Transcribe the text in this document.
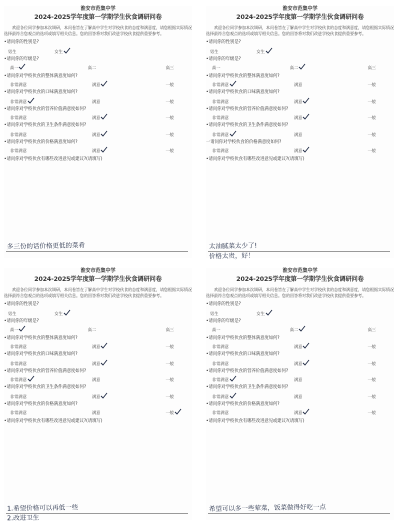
淮安市范集中学
2024-2025学年度第一学期学生伙食调研问卷
欢迎各位同学参加本次调研，本问卷旨在了解高中学生对学校伙食的态度和满意度，请您根据实际情况选择最符合您观点的选项或填写相关信息。您的回答将对我们改进学校伙食提供重要参考。
•请问你的性别是?
男生	女生
•请问你的年级是?
高一	高二	高三
•请问你对学校伙食的整体满意度如何?
非常满意	满意	一般
•请问你对学校伙食的口味满意度如何?
非常满意	满意	一般
•请问你对学校伙食的营养价值满意度如何?
非常满意	满意	一般
•请问你对学校伙食的卫生条件满意度如何?
非常满意	满意	一般
•请问你对学校伙食的价格满意度如何?
非常满意	满意	一般
•请问你对学校伙食有哪些改进意见或建议?(请填写)
多三份的话价格更低的菜肴
淮安市范集中学
2024-2025学年度第一学期学生伙食调研问卷
欢迎各位同学参加本次调研，本问卷旨在了解高中学生对学校伙食的态度和满意度，请您根据实际情况选择最符合您观点的选项或填写相关信息。您的回答将对我们改进学校伙食提供重要参考。
•请问你的性别是?
男生	女生
•请问你的年级是?
高一	高二	高三
•请问你对学校伙食的整体满意度如何?
非常满意	满意	一般
•请问你对学校伙食的口味满意度如何?
非常满意	满意	一般
•请问你对学校伙食的营养价值满意度如何?
非常满意	满意	一般
•请问你对学校伙食的卫生条件满意度如何?
非常满意	满意	一般
一请问你对学校伙食的价格满意度如何?
非常满意	满意	一般
•请问你对学校伙食有哪些改进意见或建议?(请填写)
太油腻菜太少了!
价格太贵，好！
淮安市范集中学
2024-2025学年度第一学期学生伙食调研问卷
欢迎各位同学参加本次调研，本问卷旨在了解高中学生对学校伙食的态度和满意度，请您根据实际情况选择最符合您观点的选项或填写相关信息。您的回答将对我们改进学校伙食提供重要参考。
•请问你的性别是?
男生	女生
•请问你的年级是?
高一	高二	高三
•请问你对学校伙食的整体满意度如何?
非常满意	满意	一般
•请问你对学校伙食的口味满意度如何?
非常满意	满意	一般
•请问你对学校伙食的营养价值满意度如何?
非常满意	满意	一般
•请问你对学校伙食的卫生条件满意度如何?
非常满意	满意	一般
•请问你对学校伙食的价格满意度如何?
非常满意	满意	一般
•请问你对学校伙食有哪些改进意见或建议?(请填写)
1.希望价格可以再低一些
2.改进卫生
淮安市范集中学
2024-2025学年度第一学期学生伙食调研问卷
欢迎各位同学参加本次调研，本问卷旨在了解高中学生对学校伙食的态度和满意度，请您根据实际情况选择最符合您观点的选项或填写相关信息。您的回答将对我们改进学校伙食提供重要参考。
•请问你的性别是?
男生	女生
•请问你的年级是?
高一	高二	高三
•请问你对学校伙食的整体满意度如何?
非常满意	满意	一般
•请问你对学校伙食的口味满意度如何?
非常满意	满意	一般
•请问你对学校伙食的营养价值满意度如何?
非常满意	满意	一般
•请问你对学校伙食的卫生条件满意度如何?
非常满意	满意	一般
•请问你对学校伙食的价格满意度如何?
非常满意	满意	一般
•请问你对学校伙食有哪些改进意见或建议?(请填写)
希望可以多一些荤菜，饭菜做得好吃一点
